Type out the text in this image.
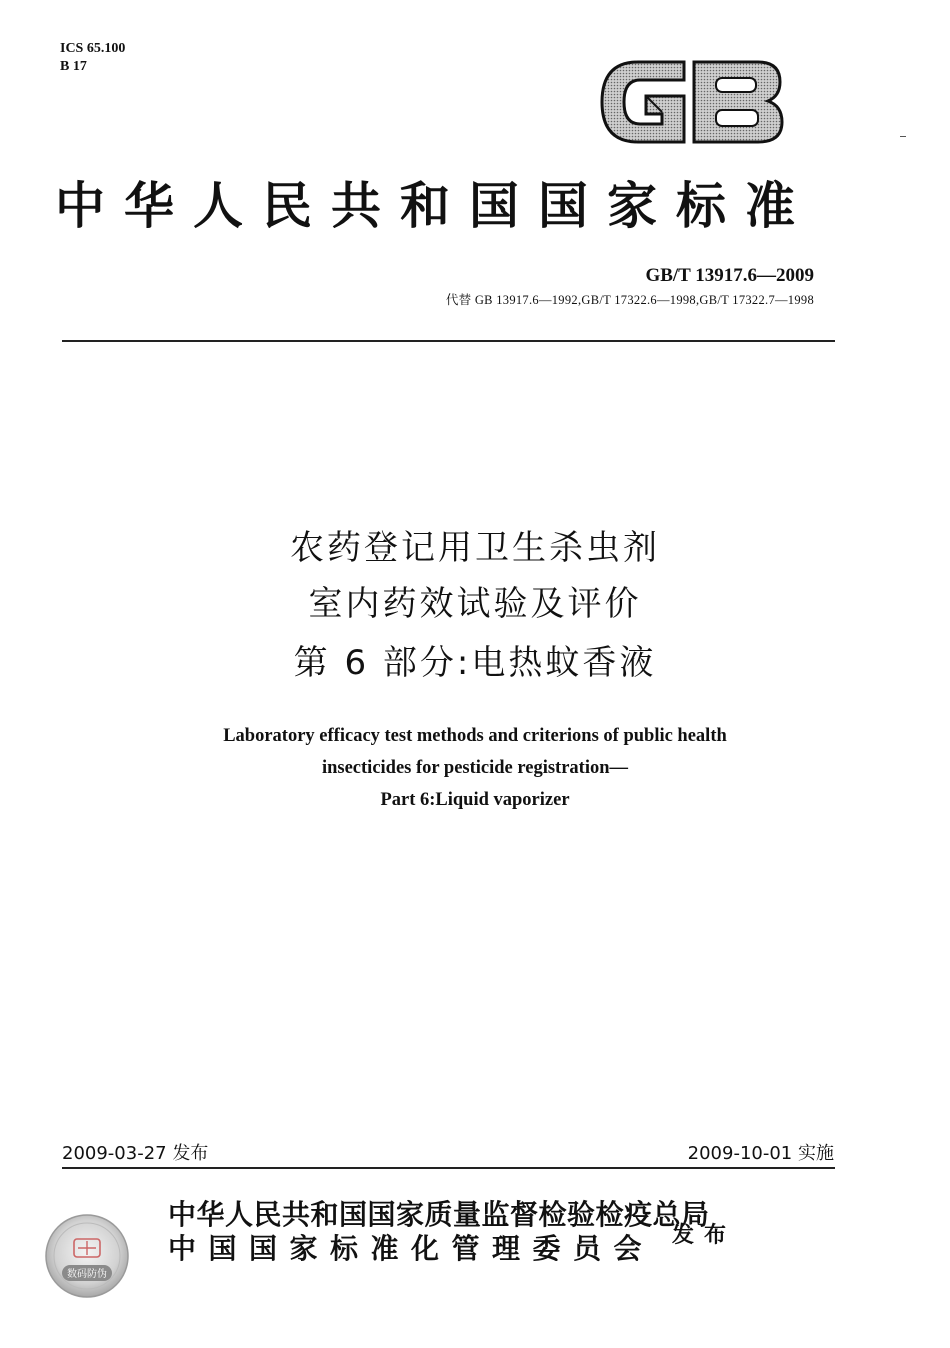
ICS 65.100
B 17
GB
中华人民共和国国家标准
GB/T 13917.6—2009
代替 GB 13917.6—1992,GB/T 17322.6—1998,GB/T 17322.7—1998
农药登记用卫生杀虫剂
室内药效试验及评价
第 6 部分:电热蚊香液
Laboratory efficacy test methods and criterions of public health
insecticides for pesticide registration—
Part 6:Liquid vaporizer
2009-03-27 发布	2009-10-01 实施
数码防伪
中华人民共和国国家质量监督检验检疫总局
中国国家标准化管理委员会 发布
